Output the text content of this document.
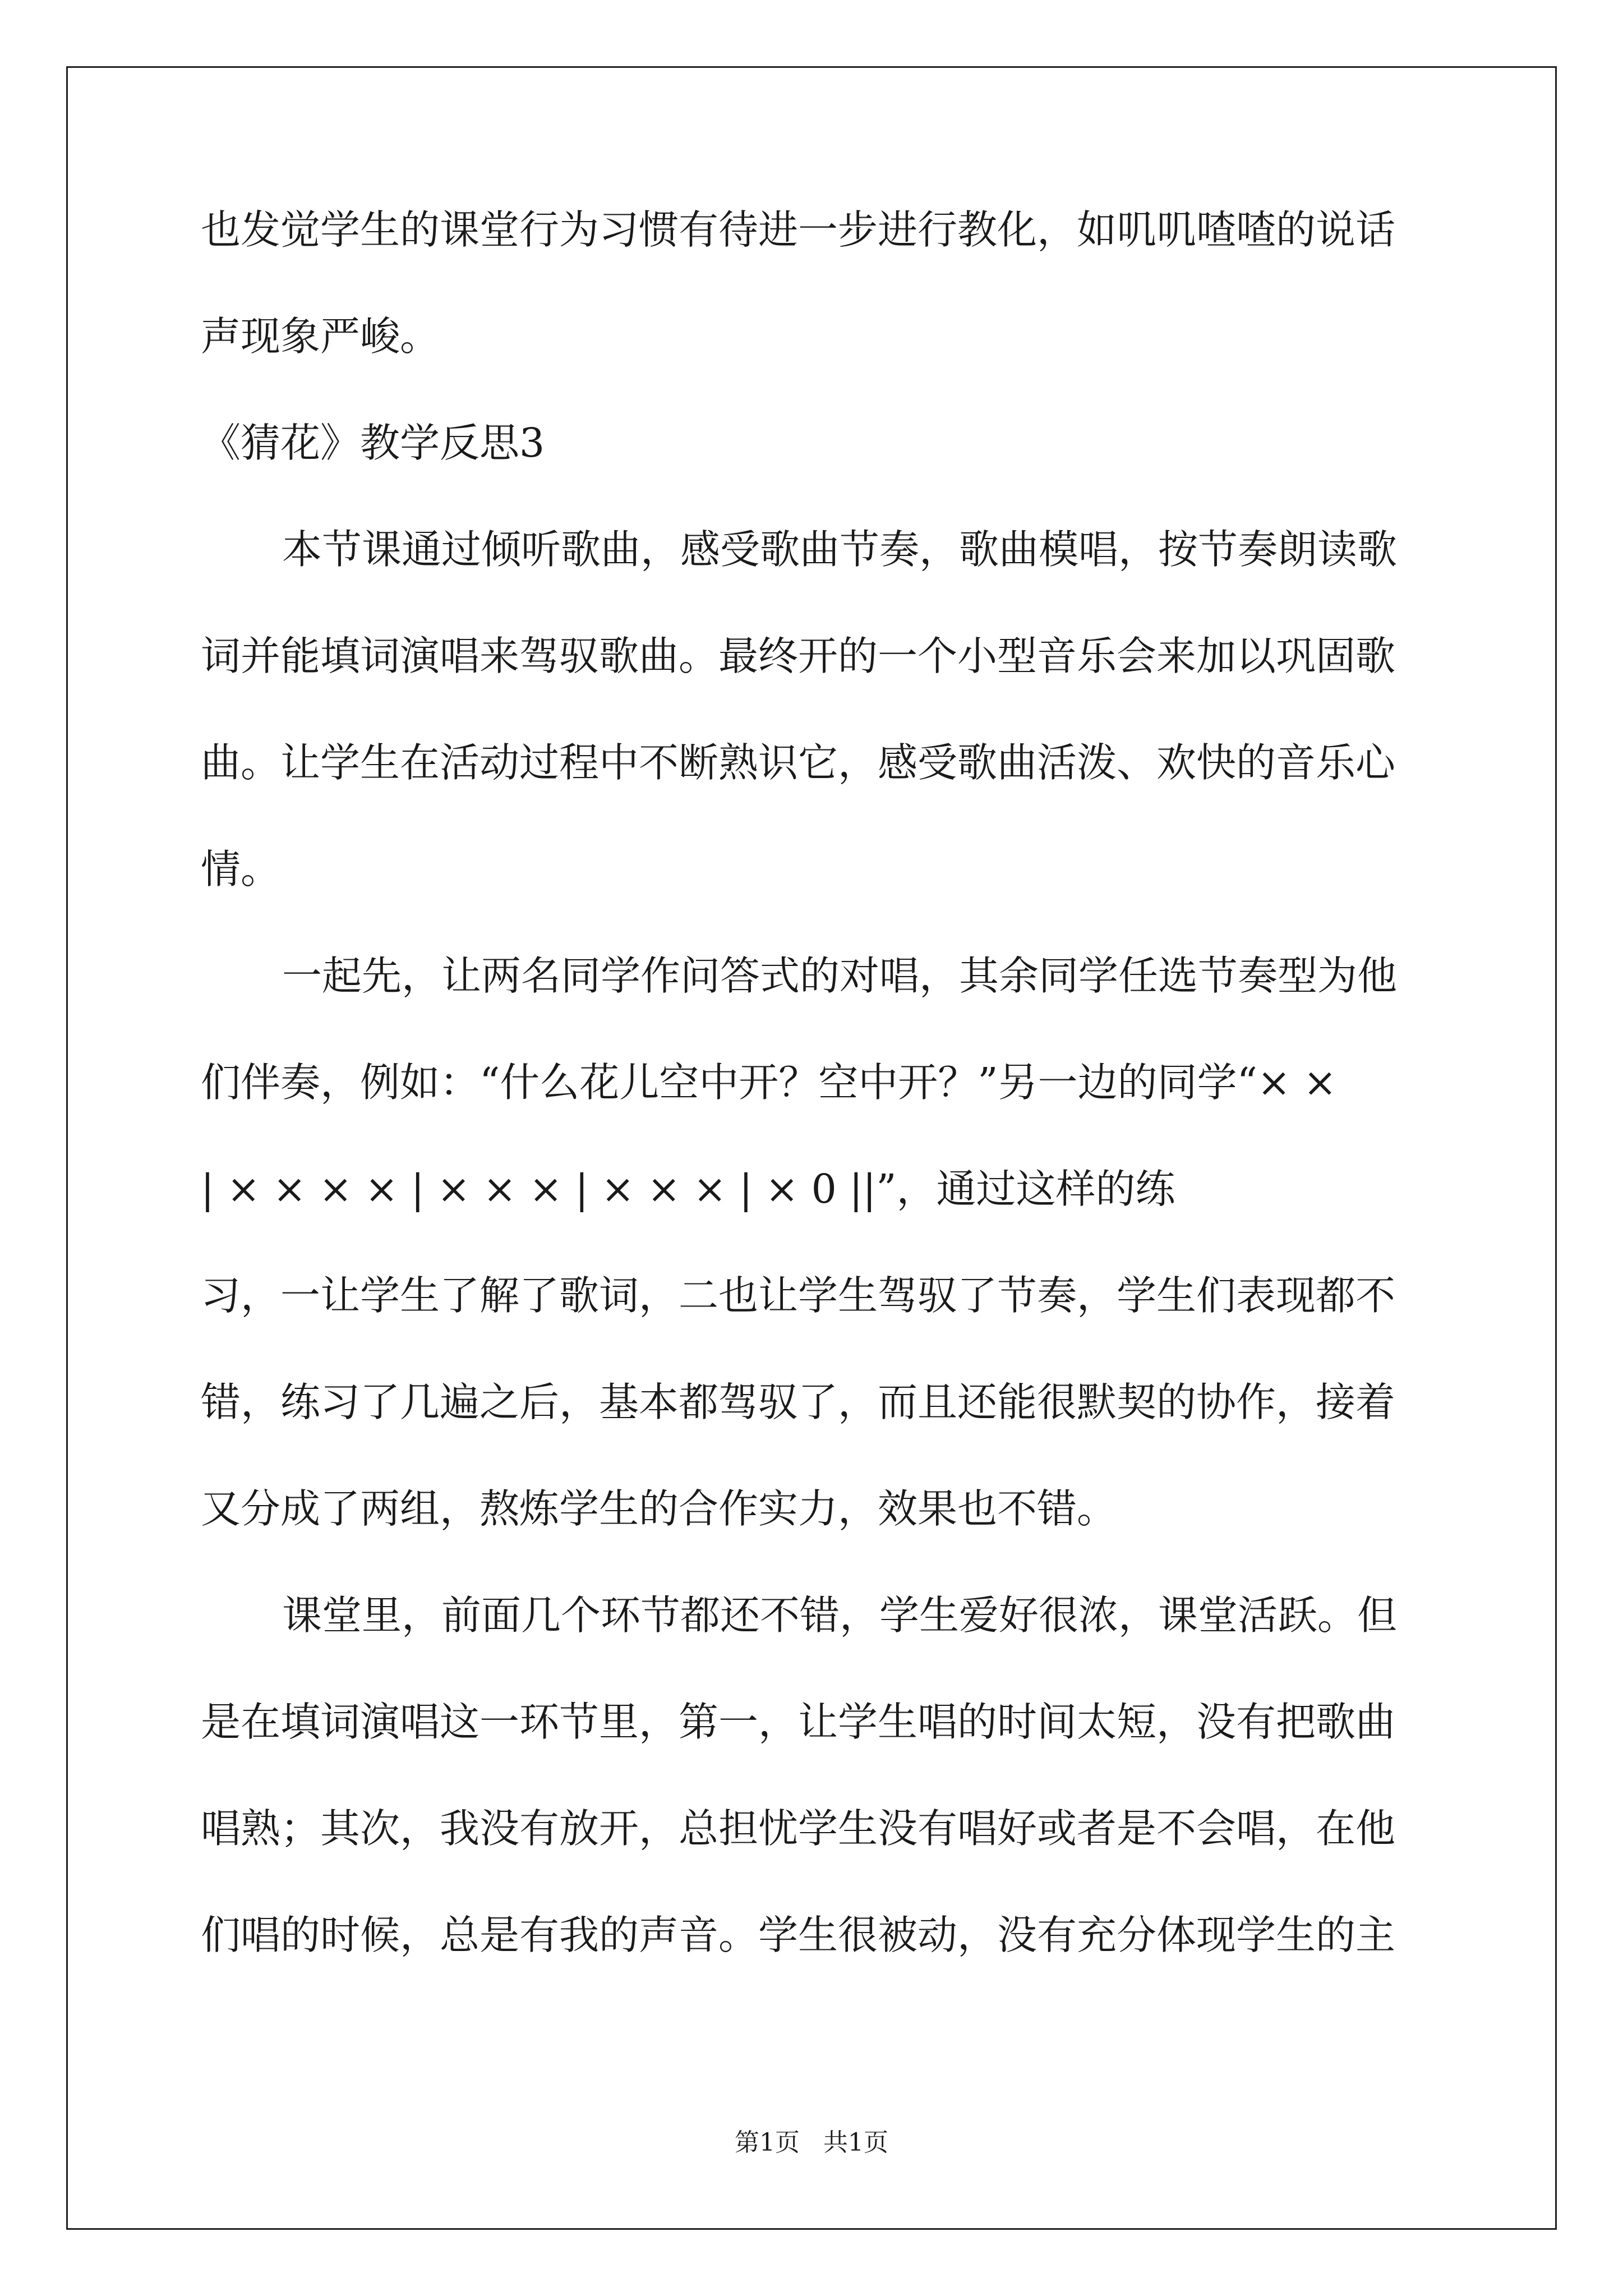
也发觉学生的课堂行为习惯有待进一步进行教化，如叽叽喳喳的说话
声现象严峻。
《猜花》教学反思3
本节课通过倾听歌曲，感受歌曲节奏，歌曲模唱，按节奏朗读歌
词并能填词演唱来驾驭歌曲。最终开的一个小型音乐会来加以巩固歌
曲。让学生在活动过程中不断熟识它，感受歌曲活泼、欢快的音乐心
情。
一起先，让两名同学作问答式的对唱，其余同学任选节奏型为他
们伴奏，例如：“什么花儿空中开？空中开？”另一边的同学“× ×
| × × × × | × × × | × × × | × 0 ||”，通过这样的练
习，一让学生了解了歌词，二也让学生驾驭了节奏，学生们表现都不
错，练习了几遍之后，基本都驾驭了，而且还能很默契的协作，接着
又分成了两组，熬炼学生的合作实力，效果也不错。
课堂里，前面几个环节都还不错，学生爱好很浓，课堂活跃。但
是在填词演唱这一环节里，第一，让学生唱的时间太短，没有把歌曲
唱熟；其次，我没有放开，总担忧学生没有唱好或者是不会唱，在他
们唱的时候，总是有我的声音。学生很被动，没有充分体现学生的主
第1页 共1页
